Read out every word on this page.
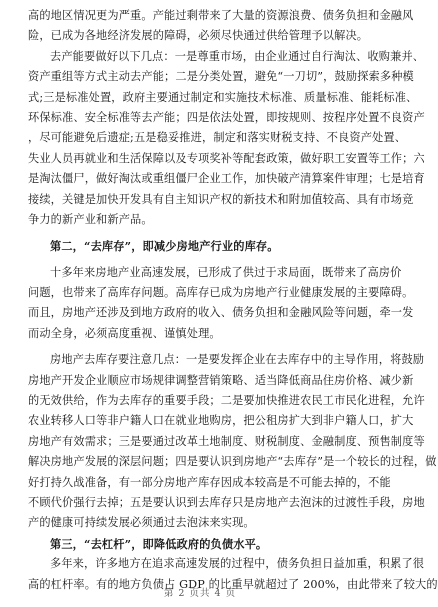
高的地区情况更为严重。产能过剩带来了大量的资源浪费、债务负担和金融风
险，已成为各地经济发展的障碍，必须尽快通过供给管理予以解决。
去产能要做好以下几点：一是尊重市场，由企业通过自行淘汰、收购兼并、
资产重组等方式主动去产能；二是分类处置，避免“一刀切”，鼓励探索多种模
式;三是标准处置，政府主要通过制定和实施技术标准、质量标准、能耗标准、
环保标准、安全标准等去产能；四是依法处置，即按规则、按程序处置不良资产
，尽可能避免后遗症;五是稳妥推进，制定和落实财税支持、不良资产处置、
失业人员再就业和生活保障以及专项奖补等配套政策，做好职工安置等工作；六
是淘汰僵尸，做好淘汰或重组僵尸企业工作，加快破产清算案件审理；七是培育
接续，关键是加快开发具有自主知识产权的新技术和附加值较高、具有市场竞
争力的新产业和新产品。
第二，“去库存”，即减少房地产行业的库存。
十多年来房地产业高速发展，已形成了供过于求局面，既带来了高房价
问题，也带来了高库存问题。高库存已成为房地产行业健康发展的主要障碍。
而且，房地产还涉及到地方政府的收入、债务负担和金融风险等问题，牵一发
而动全身，必须高度重视、谨慎处理。
房地产去库存要注意几点：一是要发挥企业在去库存中的主导作用，将鼓励
房地产开发企业顺应市场规律调整营销策略、适当降低商品住房价格、减少新
的无效供给，作为去库存的重要手段；二是要加快推进农民工市民化进程，允许
农业转移人口等非户籍人口在就业地购房，把公租房扩大到非户籍人口，扩大
房地产有效需求；三是要通过改革土地制度、财税制度、金融制度、预售制度等
解决房地产发展的深层问题；四是要认识到房地产“去库存”是一个较长的过程，做
好打持久战准备，有一部分房地产库存因成本较高是不可能去掉的，不能
不顾代价强行去掉；五是要认识到去库存只是房地产去泡沫的过渡性手段，房地
产的健康可持续发展必须通过去泡沫来实现。
第三，“去杠杆”，即降低政府的负债水平。
多年来，许多地方在追求高速发展的过程中，债务负担日益加重，积累了很
高的杠杆率。有的地方负债占 GDP 的比重早就超过了 200%，由此带来了较大的
第 2 页共 4 页
